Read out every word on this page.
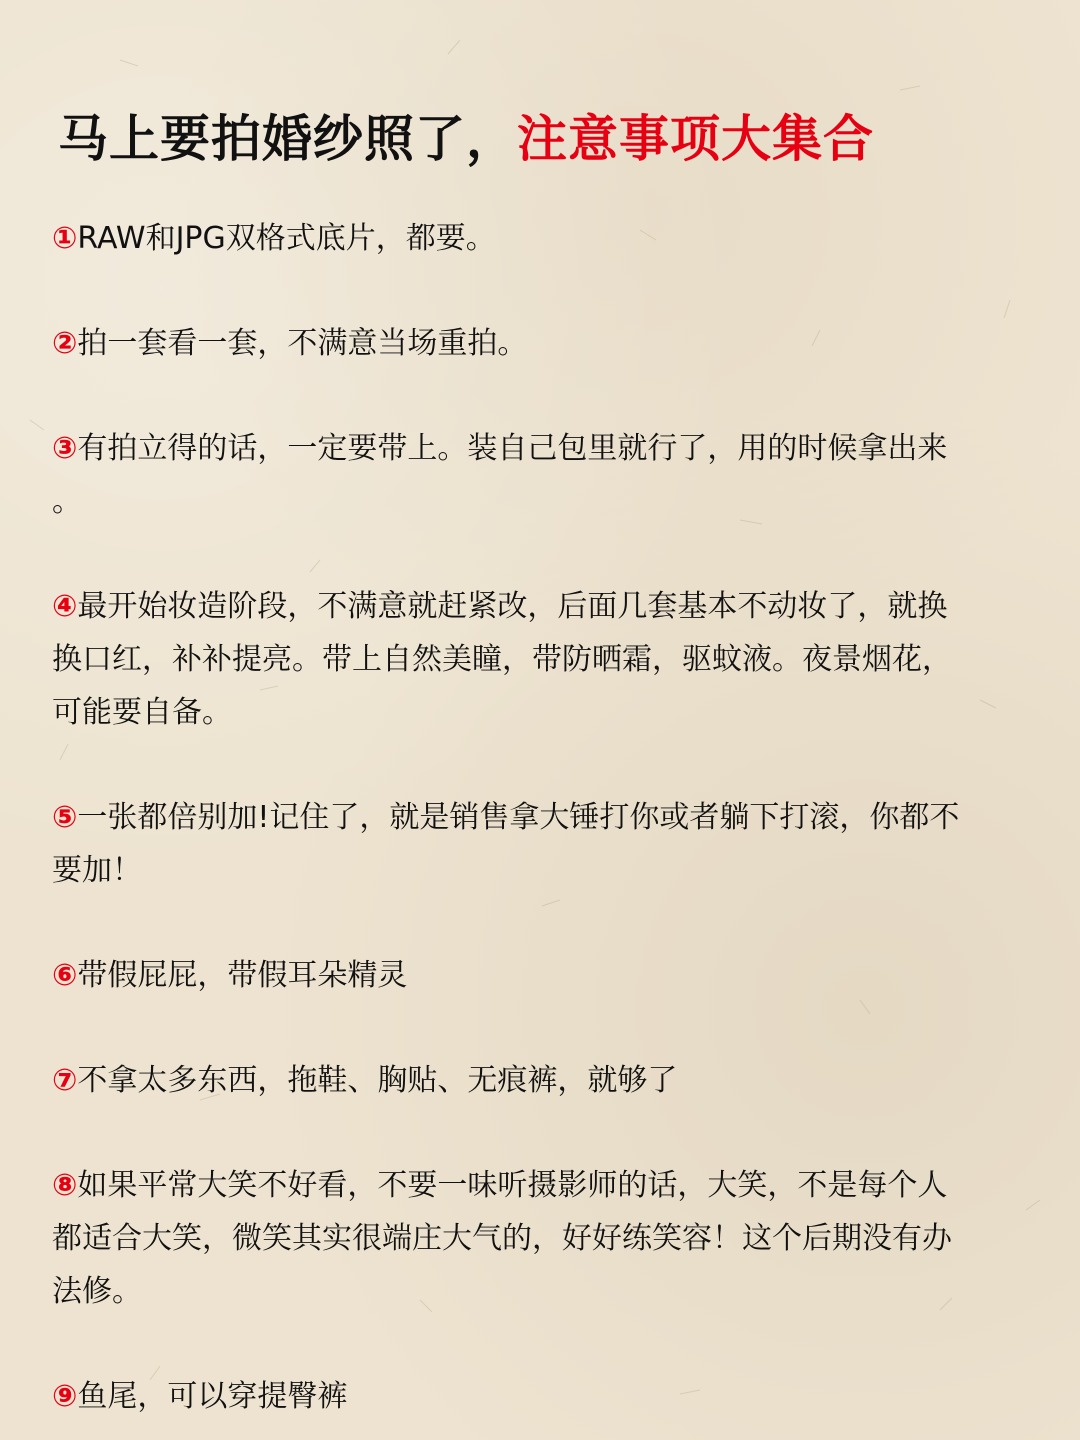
马上要拍婚纱照了，注意事项大集合
①RAW和JPG双格式底片，都要。
②拍一套看一套，不满意当场重拍。
③有拍立得的话，一定要带上。装自己包里就行了，用的时候拿出来
。
④最开始妆造阶段，不满意就赶紧改，后面几套基本不动妆了，就换
换口红，补补提亮。带上自然美瞳，带防晒霜，驱蚊液。夜景烟花，
可能要自备。
⑤一张都倍别加!记住了，就是销售拿大锤打你或者躺下打滚，你都不
要加！
⑥带假屁屁，带假耳朵精灵
⑦不拿太多东西，拖鞋、胸贴、无痕裤，就够了
⑧如果平常大笑不好看，不要一味听摄影师的话，大笑，不是每个人
都适合大笑，微笑其实很端庄大气的，好好练笑容！这个后期没有办
法修。
⑨鱼尾，可以穿提臀裤
